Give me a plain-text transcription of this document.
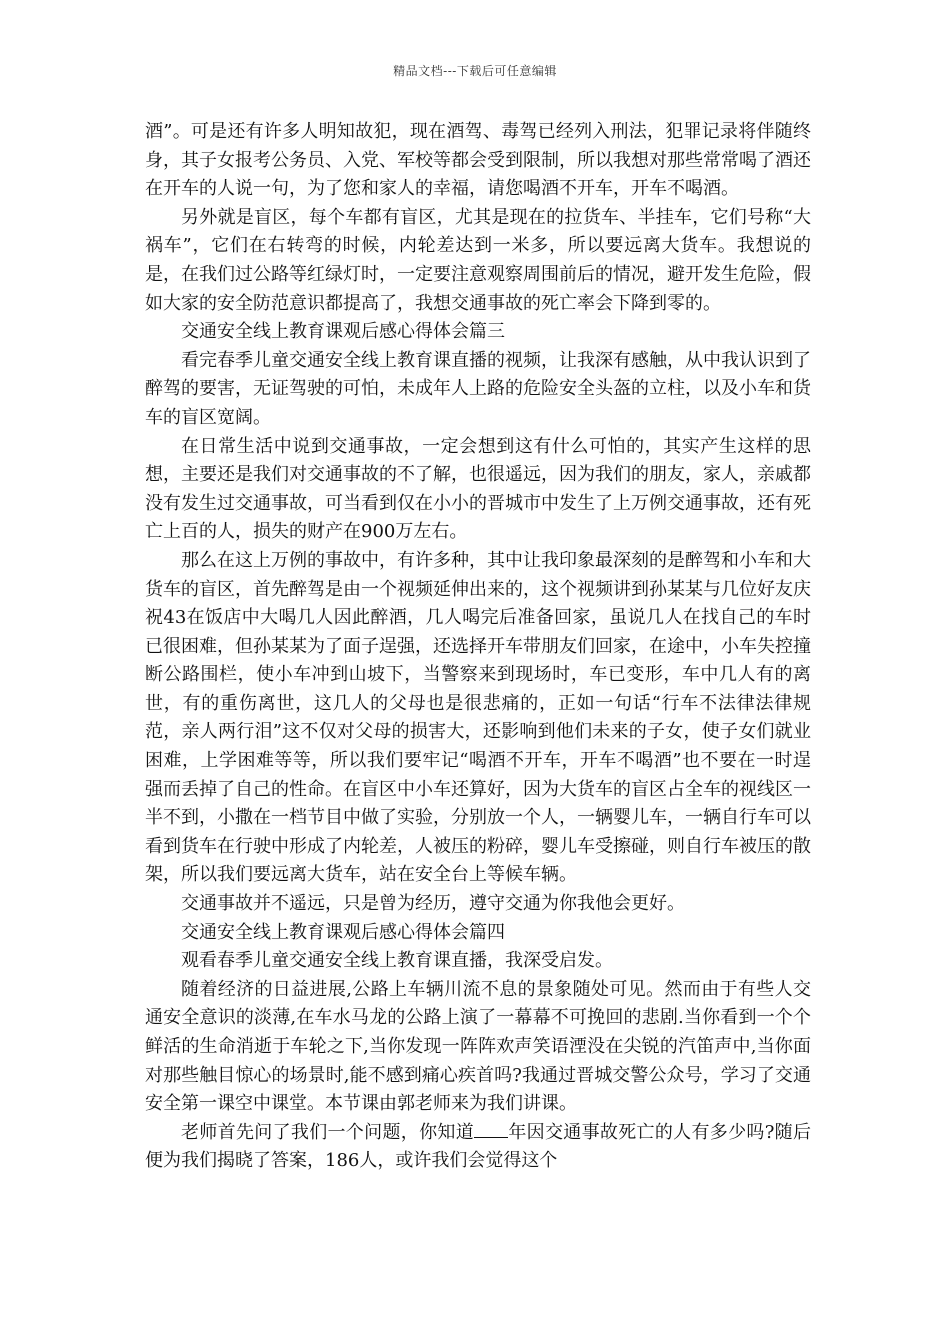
精品文档---下载后可任意编辑

酒”。可是还有许多人明知故犯，现在酒驾、毒驾已经列入刑法，犯罪记录将伴随终身，其子女报考公务员、入党、军校等都会受到限制，所以我想对那些常常喝了酒还在开车的人说一句，为了您和家人的幸福，请您喝酒不开车，开车不喝酒。

另外就是盲区，每个车都有盲区，尤其是现在的拉货车、半挂车，它们号称“大祸车”，它们在右转弯的时候，内轮差达到一米多，所以要远离大货车。我想说的是，在我们过公路等红绿灯时，一定要注意观察周围前后的情况，避开发生危险，假如大家的安全防范意识都提高了，我想交通事故的死亡率会下降到零的。

交通安全线上教育课观后感心得体会篇三

看完春季儿童交通安全线上教育课直播的视频，让我深有感触，从中我认识到了醉驾的要害，无证驾驶的可怕，未成年人上路的危险安全头盔的立柱，以及小车和货车的盲区宽阔。

在日常生活中说到交通事故，一定会想到这有什么可怕的，其实产生这样的思想，主要还是我们对交通事故的不了解，也很遥远，因为我们的朋友，家人，亲戚都没有发生过交通事故，可当看到仅在小小的晋城市中发生了上万例交通事故，还有死亡上百的人，损失的财产在900万左右。

那么在这上万例的事故中，有许多种，其中让我印象最深刻的是醉驾和小车和大货车的盲区，首先醉驾是由一个视频延伸出来的，这个视频讲到孙某某与几位好友庆祝43在饭店中大喝几人因此醉酒，几人喝完后准备回家，虽说几人在找自己的车时已很困难，但孙某某为了面子逞强，还选择开车带朋友们回家，在途中，小车失控撞断公路围栏，使小车冲到山坡下，当警察来到现场时，车已变形，车中几人有的离世，有的重伤离世，这几人的父母也是很悲痛的，正如一句话“行车不法律法律规范，亲人两行泪”这不仅对父母的损害大，还影响到他们未来的子女，使子女们就业困难，上学困难等等，所以我们要牢记“喝酒不开车，开车不喝酒”也不要在一时逞强而丢掉了自己的性命。在盲区中小车还算好，因为大货车的盲区占全车的视线区一半不到，小撒在一档节目中做了实验，分别放一个人，一辆婴儿车，一辆自行车可以看到货车在行驶中形成了内轮差，人被压的粉碎，婴儿车受擦碰，则自行车被压的散架，所以我们要远离大货车，站在安全台上等候车辆。

交通事故并不遥远，只是曾为经历，遵守交通为你我他会更好。

交通安全线上教育课观后感心得体会篇四

观看春季儿童交通安全线上教育课直播，我深受启发。

随着经济的日益进展,公路上车辆川流不息的景象随处可见。然而由于有些人交通安全意识的淡薄,在车水马龙的公路上演了一幕幕不可挽回的悲剧.当你看到一个个鲜活的生命消逝于车轮之下,当你发现一阵阵欢声笑语湮没在尖锐的汽笛声中,当你面对那些触目惊心的场景时,能不感到痛心疾首吗?我通过晋城交警公众号，学习了交通安全第一课空中课堂。本节课由郭老师来为我们讲课。

老师首先问了我们一个问题，你知道 年因交通事故死亡的人有多少吗?随后便为我们揭晓了答案，186人，或许我们会觉得这个
